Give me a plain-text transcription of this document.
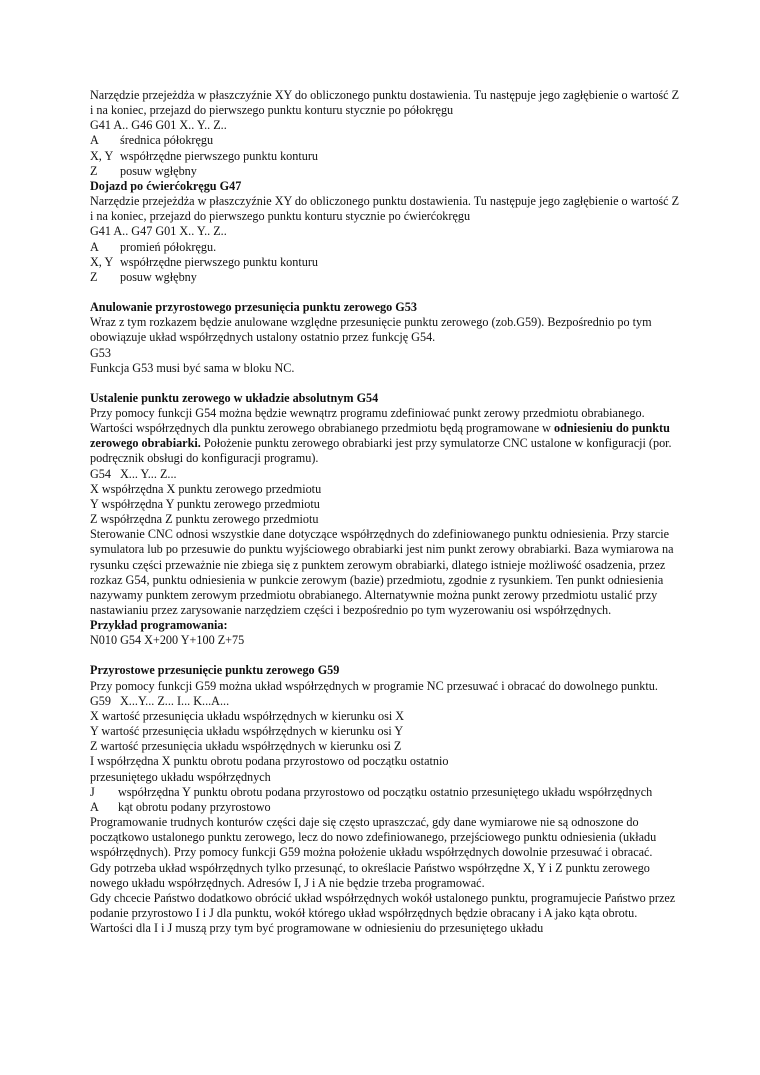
Narzędzie przejeżdża w płaszczyźnie XY do obliczonego punktu dostawienia. Tu następuje jego zagłębienie o wartość Z i na koniec, przejazd do pierwszego punktu konturu stycznie po półokręgu

G41 A.. G46 G01 X.. Y.. Z..

A średnica półokręgu

X, Y współrzędne pierwszego punktu konturu

Z posuw wgłębny

Dojazd po ćwierćokręgu G47

Narzędzie przejeżdża w płaszczyźnie XY do obliczonego punktu dostawienia. Tu następuje jego zagłębienie o wartość Z i na koniec, przejazd do pierwszego punktu konturu stycznie po ćwierćokręgu

G41 A.. G47 G01 X.. Y.. Z..

A promień półokręgu.

X, Y współrzędne pierwszego punktu konturu

Z posuw wgłębny

Anulowanie przyrostowego przesunięcia punktu zerowego G53

Wraz z tym rozkazem będzie anulowane względne przesunięcie punktu zerowego (zob.G59). Bezpośrednio po tym obowiązuje układ współrzędnych ustalony ostatnio przez funkcję G54.

G53

Funkcja G53 musi być sama w bloku NC.

Ustalenie punktu zerowego w układzie absolutnym G54

Przy pomocy funkcji G54 można będzie wewnątrz programu zdefiniować punkt zerowy przedmiotu obrabianego. Wartości współrzędnych dla punktu zerowego obrabianego przedmiotu będą programowane w odniesieniu do punktu zerowego obrabiarki. Położenie punktu zerowego obrabiarki jest przy symulatorze CNC ustalone w konfiguracji (por. podręcznik obsługi do konfiguracji programu).

G54 X... Y... Z...

X współrzędna X punktu zerowego przedmiotu

Y współrzędna Y punktu zerowego przedmiotu

Z współrzędna Z punktu zerowego przedmiotu

Sterowanie CNC odnosi wszystkie dane dotyczące współrzędnych do zdefiniowanego punktu odniesienia. Przy starcie symulatora lub po przesuwie do punktu wyjściowego obrabiarki jest nim punkt zerowy obrabiarki. Baza wymiarowa na rysunku części przeważnie nie zbiega się z punktem zerowym obrabiarki, dlatego istnieje możliwość osadzenia, przez rozkaz G54, punktu odniesienia w punkcie zerowym (bazie) przedmiotu, zgodnie z rysunkiem. Ten punkt odniesienia nazywamy punktem zerowym przedmiotu obrabianego. Alternatywnie można punkt zerowy przedmiotu ustalić przy nastawianiu przez zarysowanie narzędziem części i bezpośrednio po tym wyzerowaniu osi współrzędnych.

Przykład programowania:

N010 G54 X+200 Y+100 Z+75

Przyrostowe przesunięcie punktu zerowego G59

Przy pomocy funkcji G59 można układ współrzędnych w programie NC przesuwać i obracać do dowolnego punktu.

G59 X...Y... Z... I... K...A...

X wartość przesunięcia układu współrzędnych w kierunku osi X

Y wartość przesunięcia układu współrzędnych w kierunku osi Y

Z wartość przesunięcia układu współrzędnych w kierunku osi Z

I współrzędna X punktu obrotu podana przyrostowo od początku ostatnio

przesuniętego układu współrzędnych

J współrzędna Y punktu obrotu podana przyrostowo od początku ostatnio przesuniętego układu współrzędnych

A kąt obrotu podany przyrostowo

Programowanie trudnych konturów części daje się często upraszczać, gdy dane wymiarowe nie są odnoszone do początkowo ustalonego punktu zerowego, lecz do nowo zdefiniowanego, przejściowego punktu odniesienia (układu współrzędnych). Przy pomocy funkcji G59 można położenie układu współrzędnych dowolnie przesuwać i obracać.

Gdy potrzeba układ współrzędnych tylko przesunąć, to określacie Państwo współrzędne X, Y i Z punktu zerowego nowego układu współrzędnych. Adresów I, J i A nie będzie trzeba programować.

Gdy chcecie Państwo dodatkowo obrócić układ współrzędnych wokół ustalonego punktu, programujecie Państwo przez podanie przyrostowo I i J dla punktu, wokół którego układ współrzędnych będzie obracany i A jako kąta obrotu. Wartości dla I i J muszą przy tym być programowane w odniesieniu do przesuniętego układu
